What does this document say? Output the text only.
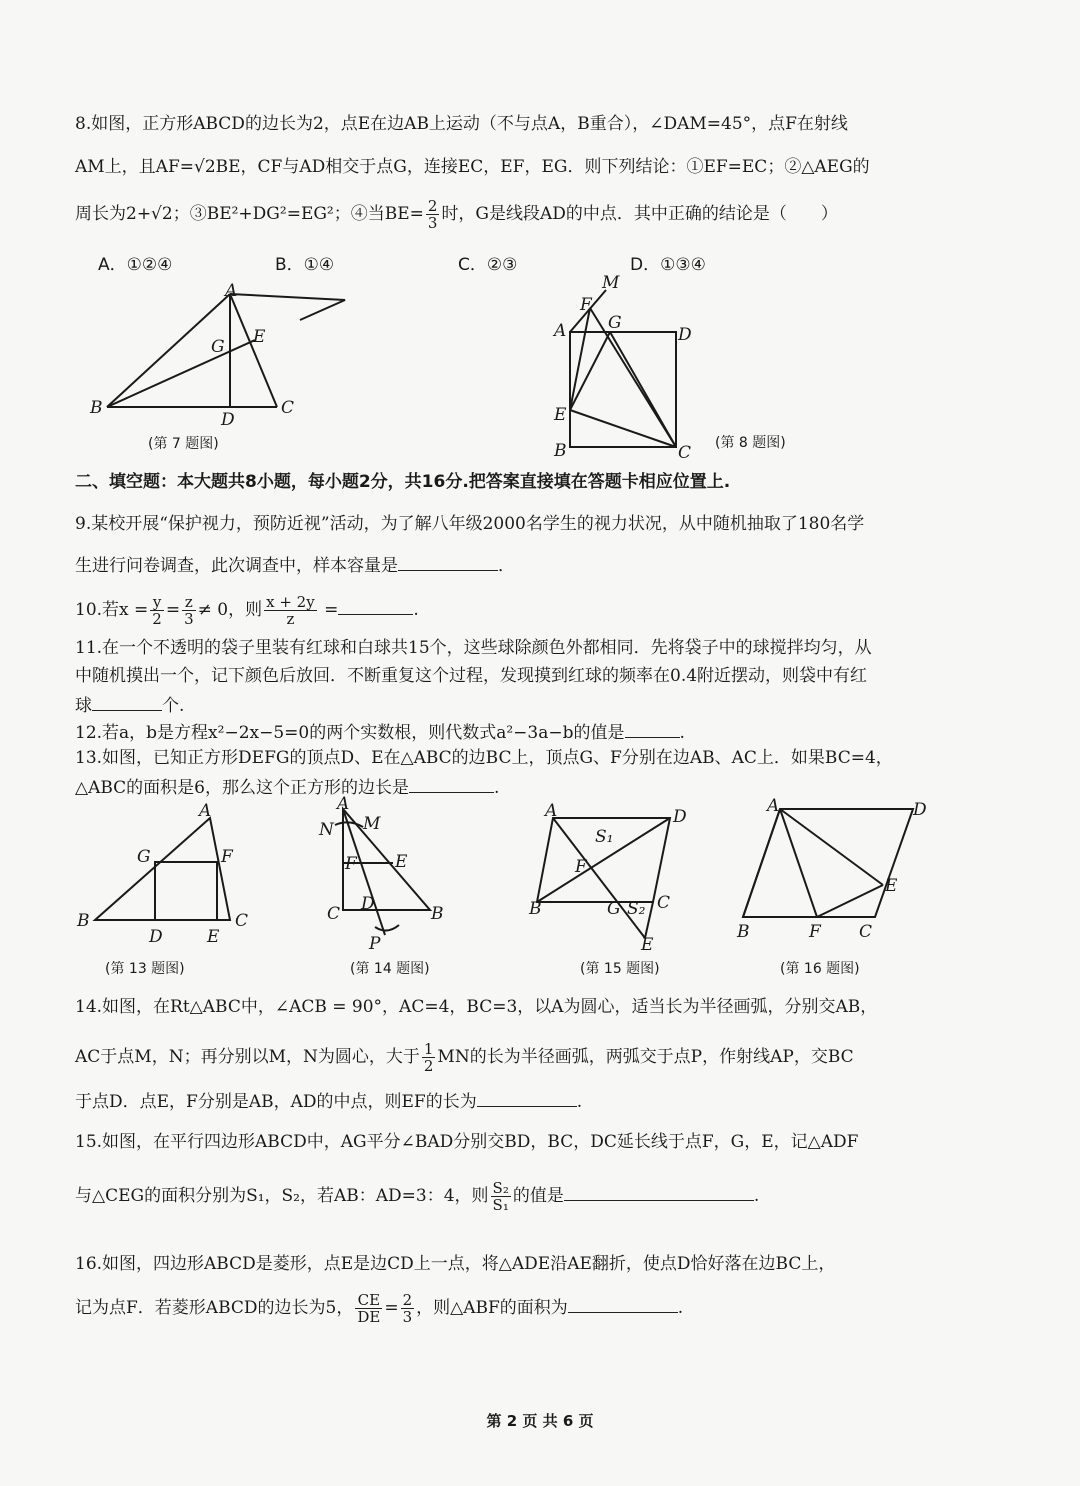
8.如图，正方形ABCD的边长为2，点E在边AB上运动（不与点A，B重合），∠DAM=45°，点F在射线
AM上，且AF=√2BE，CF与AD相交于点G，连接EC，EF，EG．则下列结论：①EF=EC；②△AEG的
周长为2+√2；③BE²+DG²=EG²；④当$BE= \frac{2}{3}$ 时，G是线段AD的中点．其中正确的结论是（　　）
A．①②④	B．①④	C．②③	D．①③④
A
B	C
D
G E
(第 7 题图)
A
B	C
D
E
F
G
M
(第 8 题图)
二、填空题：本大题共8小题，每小题2分，共16分.把答案直接填在答题卡相应位置上.
9.某校开展“保护视力，预防近视”活动，为了解八年级2000名学生的视力状况，从中随机抽取了180名学
生进行问卷调查，此次调查中，样本容量是	．
10.若$x = \frac{y}{2} = \frac{z}{3} \ne 0$，则 $\frac{x + 2y}{z}$ =	.
11.在一个不透明的袋子里装有红球和白球共15个，这些球除颜色外都相同．先将袋子中的球搅拌均匀，从
中随机摸出一个，记下颜色后放回．不断重复这个过程，发现摸到红球的频率在0.4附近摆动，则袋中有红
球	个.
12.若a，b是方程x²−2x−5=0的两个实数根，则代数式a²−3a−b的值是	.
13.如图，已知正方形DEFG的顶点D、E在△ABC的边BC上，顶点G、F分别在边AB、AC上．如果BC=4，
△ABC的面积是6，那么这个正方形的边长是	.
A
B	C
D	E
F
G
(第 13 题图)
A
N M
F E
D
C	B
P
(第 14 题图)
A	D
B	C
F
G
E
S₁
S₂
(第 15 题图)
A	D
B	F C
E
(第 16 题图)
14.如图，在Rt△ABC中，∠ACB = 90°，AC=4，BC=3，以A为圆心，适当长为半径画弧，分别交AB，
AC于点M，N；再分别以M，N为圆心，大于 $\frac{1}{2}$ MN的长为半径画弧，两弧交于点P，作射线AP，交BC
于点D．点E，F分别是AB，AD的中点，则EF的长为	.
15.如图，在平行四边形ABCD中，AG平分∠BAD分别交BD，BC，DC延长线于点F，G，E，记△ADF
与△CEG的面积分别为S₁，S₂，若AB：AD=3：4，则 $\frac{\text{S₂}}{\text{S₁}}$ 的值是	.
16.如图，四边形ABCD是菱形，点E是边CD上一点，将△ADE沿AE翻折，使点D恰好落在边BC上，
记为点F．若菱形ABCD的边长为5， $\frac{CE}{DE} = \frac{2}{3}$ ，则△ABF的面积为	.
第 2 页 共 6 页
